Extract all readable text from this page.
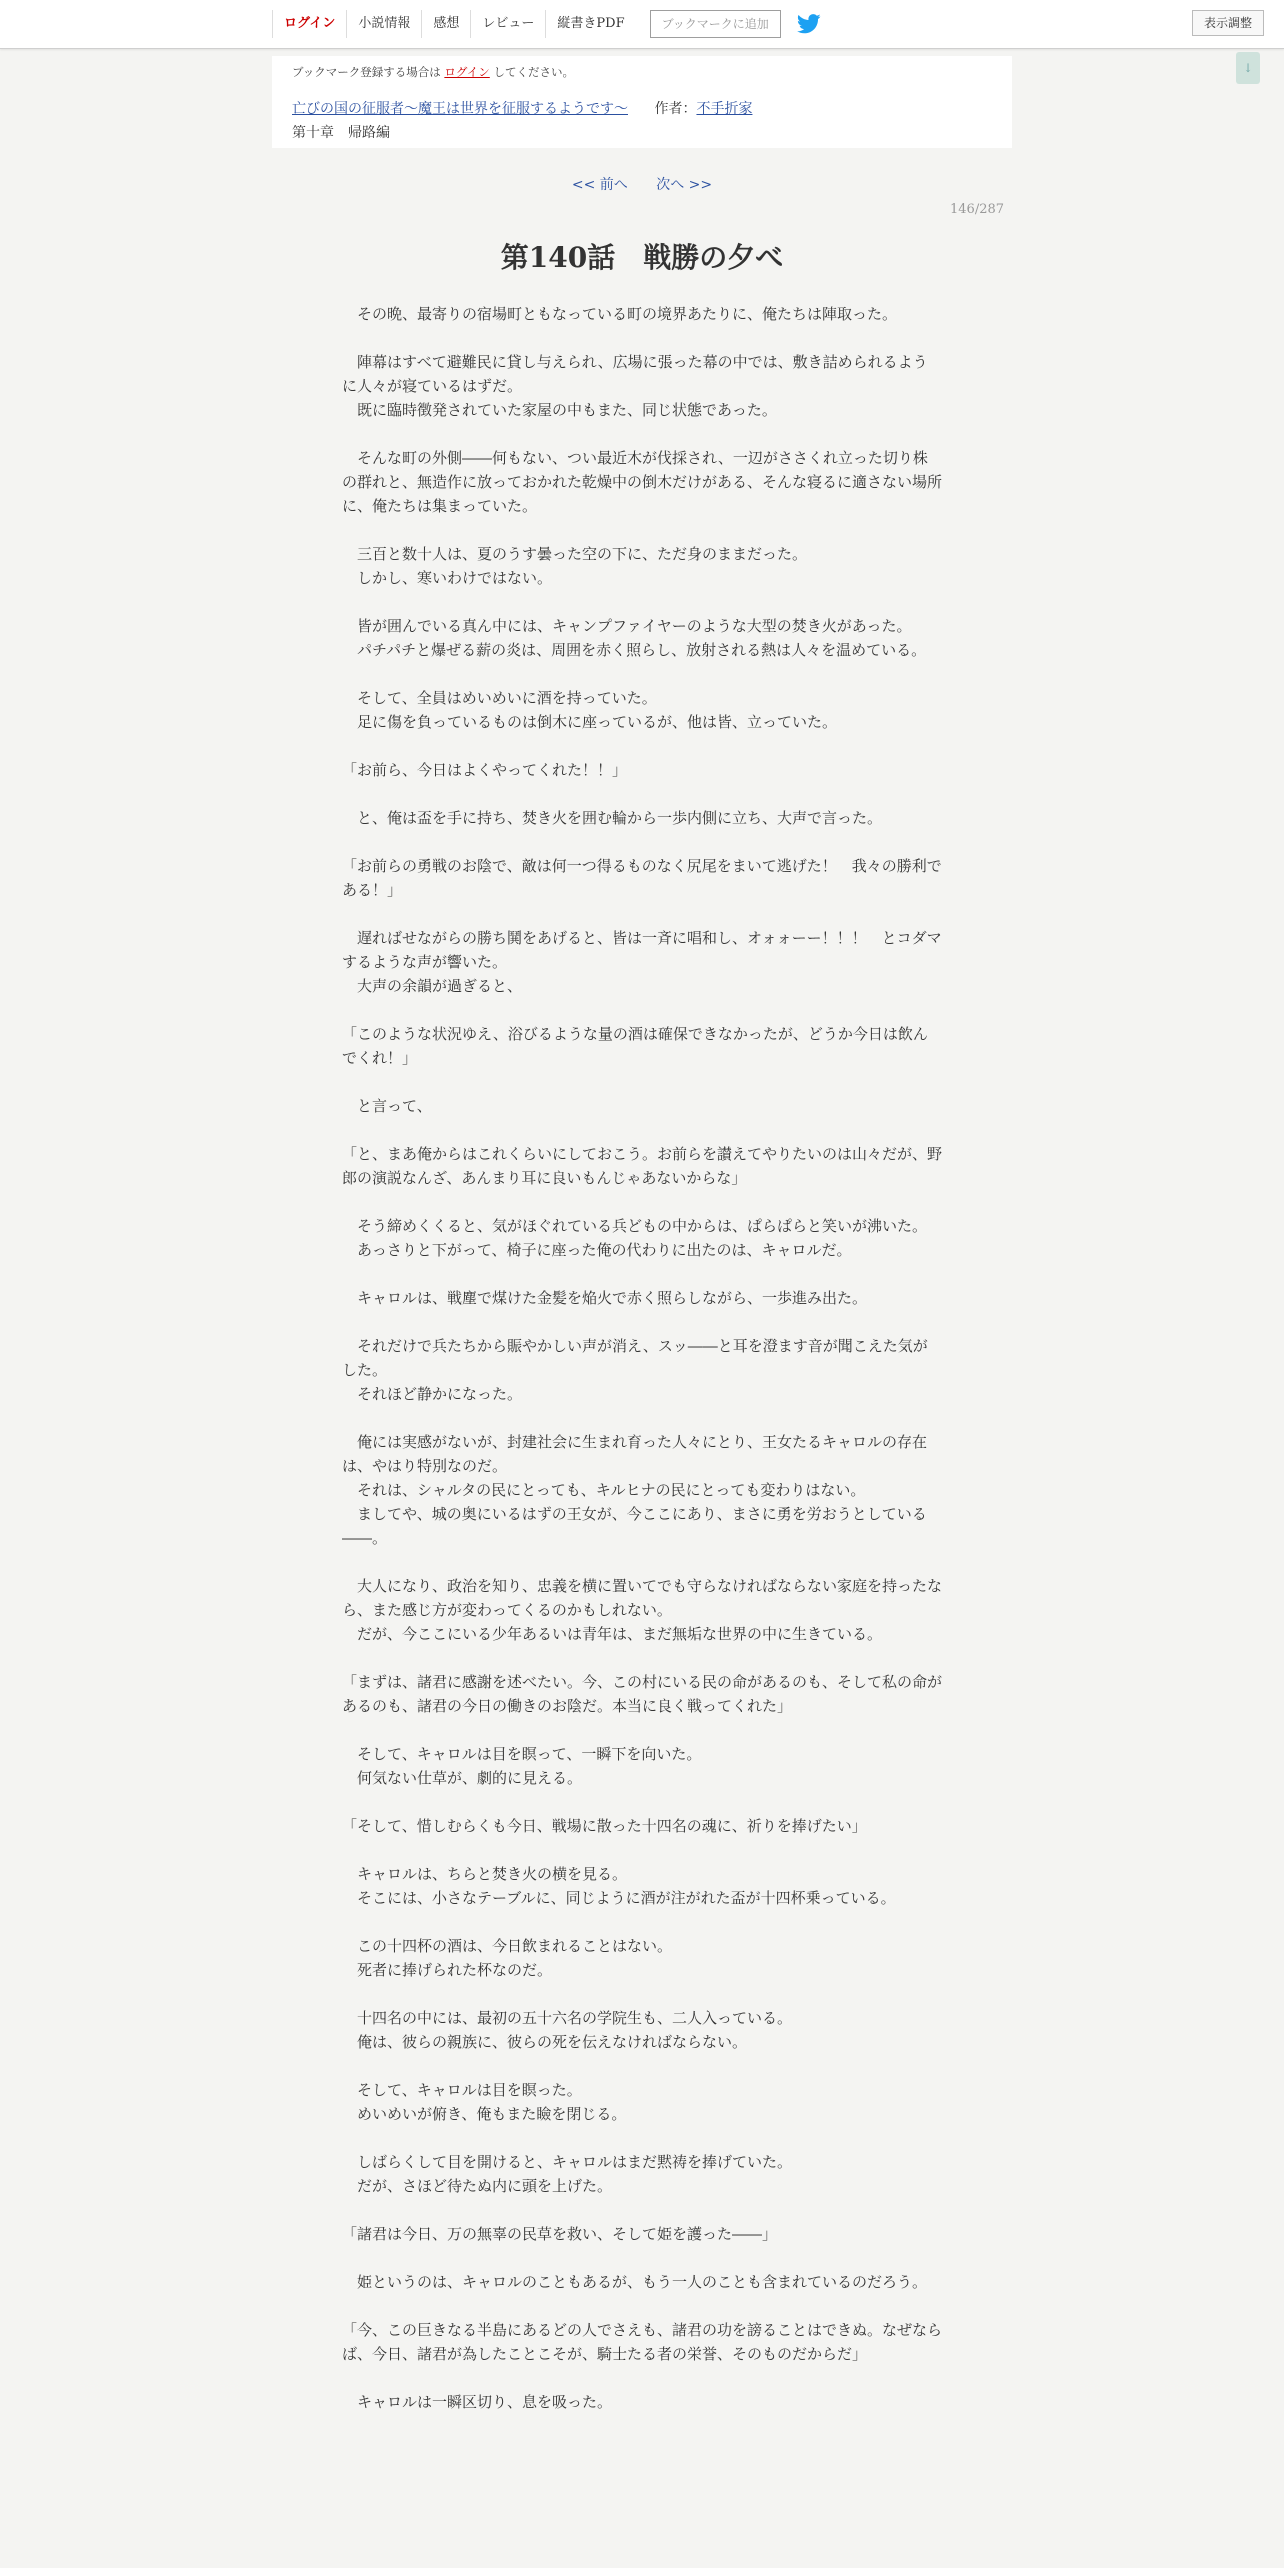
ログイン	小説情報	感想	レビュー	縦書きPDF	ブックマークに追加	表示調整
↓
ブックマーク登録する場合は ログイン してください。
亡びの国の征服者～魔王は世界を征服するようです～ 作者：不手折家
第十章　帰路編
<< 前へ 次へ >>
146/287
第140話　戦勝の夕べ

　その晩、最寄りの宿場町ともなっている町の境界あたりに、俺たちは陣取った。

　陣幕はすべて避難民に貸し与えられ、広場に張った幕の中では、敷き詰められるように人々が寝ているはずだ。

　既に臨時徴発されていた家屋の中もまた、同じ状態であった。

　そんな町の外側――何もない、つい最近木が伐採され、一辺がささくれ立った切り株の群れと、無造作に放っておかれた乾燥中の倒木だけがある、そんな寝るに適さない場所に、俺たちは集まっていた。

　三百と数十人は、夏のうす曇った空の下に、ただ身のままだった。

　しかし、寒いわけではない。

　皆が囲んでいる真ん中には、キャンプファイヤーのような大型の焚き火があった。

　パチパチと爆ぜる薪の炎は、周囲を赤く照らし、放射される熱は人々を温めている。

　そして、全員はめいめいに酒を持っていた。

　足に傷を負っているものは倒木に座っているが、他は皆、立っていた。

「お前ら、今日はよくやってくれた！！」

　と、俺は盃を手に持ち、焚き火を囲む輪から一歩内側に立ち、大声で言った。

「お前らの勇戦のお陰で、敵は何一つ得るものなく尻尾をまいて逃げた！　我々の勝利である！」

　遅ればせながらの勝ち鬨をあげると、皆は一斉に唱和し、オォォーー！！！　とコダマするような声が響いた。

　大声の余韻が過ぎると、

「このような状況ゆえ、浴びるような量の酒は確保できなかったが、どうか今日は飲んでくれ！」

　と言って、

「と、まあ俺からはこれくらいにしておこう。お前らを讃えてやりたいのは山々だが、野郎の演説なんざ、あんまり耳に良いもんじゃあないからな」

　そう締めくくると、気がほぐれている兵どもの中からは、ぱらぱらと笑いが沸いた。

　あっさりと下がって、椅子に座った俺の代わりに出たのは、キャロルだ。

　キャロルは、戦塵で煤けた金髪を焔火で赤く照らしながら、一歩進み出た。

　それだけで兵たちから賑やかしい声が消え、スッ――と耳を澄ます音が聞こえた気がした。

　それほど静かになった。

　俺には実感がないが、封建社会に生まれ育った人々にとり、王女たるキャロルの存在は、やはり特別なのだ。

　それは、シャルタの民にとっても、キルヒナの民にとっても変わりはない。

　ましてや、城の奥にいるはずの王女が、今ここにあり、まさに勇を労おうとしている――。

　大人になり、政治を知り、忠義を横に置いてでも守らなければならない家庭を持ったなら、また感じ方が変わってくるのかもしれない。

　だが、今ここにいる少年あるいは青年は、まだ無垢な世界の中に生きている。

「まずは、諸君に感謝を述べたい。今、この村にいる民の命があるのも、そして私の命があるのも、諸君の今日の働きのお陰だ。本当に良く戦ってくれた」

　そして、キャロルは目を瞑って、一瞬下を向いた。

　何気ない仕草が、劇的に見える。

「そして、惜しむらくも今日、戦場に散った十四名の魂に、祈りを捧げたい」

　キャロルは、ちらと焚き火の横を見る。

　そこには、小さなテーブルに、同じように酒が注がれた盃が十四杯乗っている。

　この十四杯の酒は、今日飲まれることはない。

　死者に捧げられた杯なのだ。

　十四名の中には、最初の五十六名の学院生も、二人入っている。

　俺は、彼らの親族に、彼らの死を伝えなければならない。

　そして、キャロルは目を瞑った。

　めいめいが俯き、俺もまた瞼を閉じる。

　しばらくして目を開けると、キャロルはまだ黙祷を捧げていた。

　だが、さほど待たぬ内に頭を上げた。

「諸君は今日、万の無辜の民草を救い、そして姫を護った――」

　姫というのは、キャロルのこともあるが、もう一人のことも含まれているのだろう。

「今、この巨きなる半島にあるどの人でさえも、諸君の功を謗ることはできぬ。なぜならば、今日、諸君が為したことこそが、騎士たる者の栄誉、そのものだからだ」

　キャロルは一瞬区切り、息を吸った。
